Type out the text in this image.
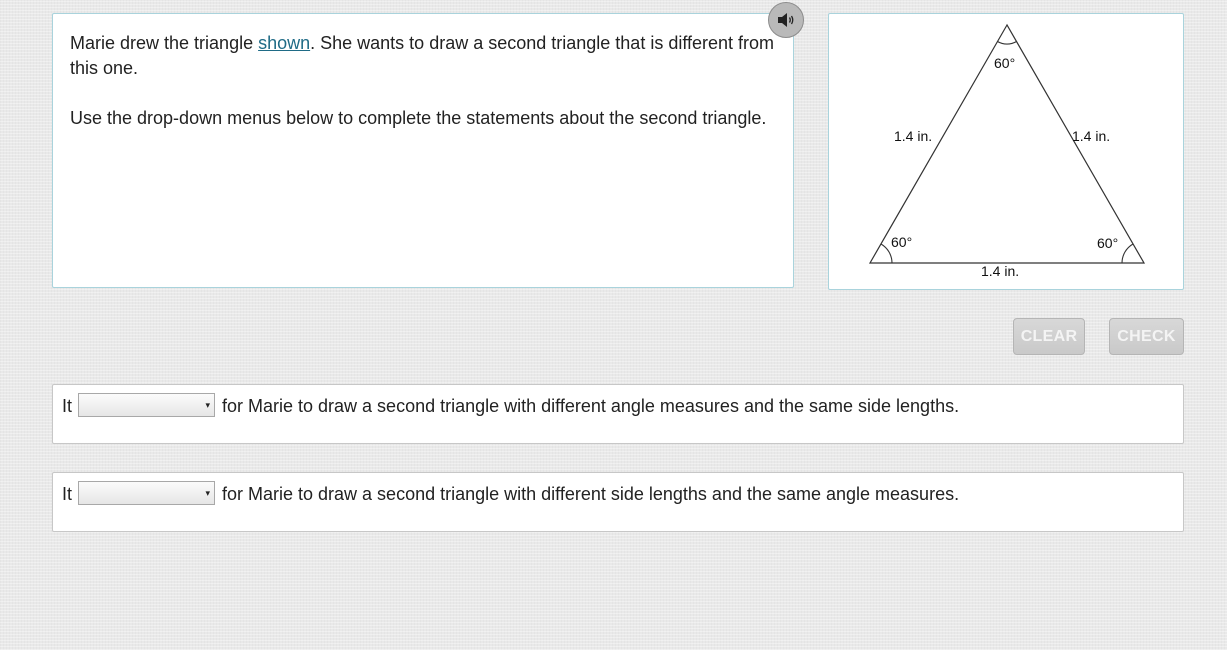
Marie drew the triangle shown. She wants to draw a second triangle that is different from this one.

Use the drop-down menus below to complete the statements about the second triangle.

60°
60°	60°
1.4 in.	1.4 in.
1.4 in.
CLEAR	CHECK
It	▾ for Marie to draw a second triangle with different angle measures and the same side lengths.
It	▾ for Marie to draw a second triangle with different side lengths and the same angle measures.
